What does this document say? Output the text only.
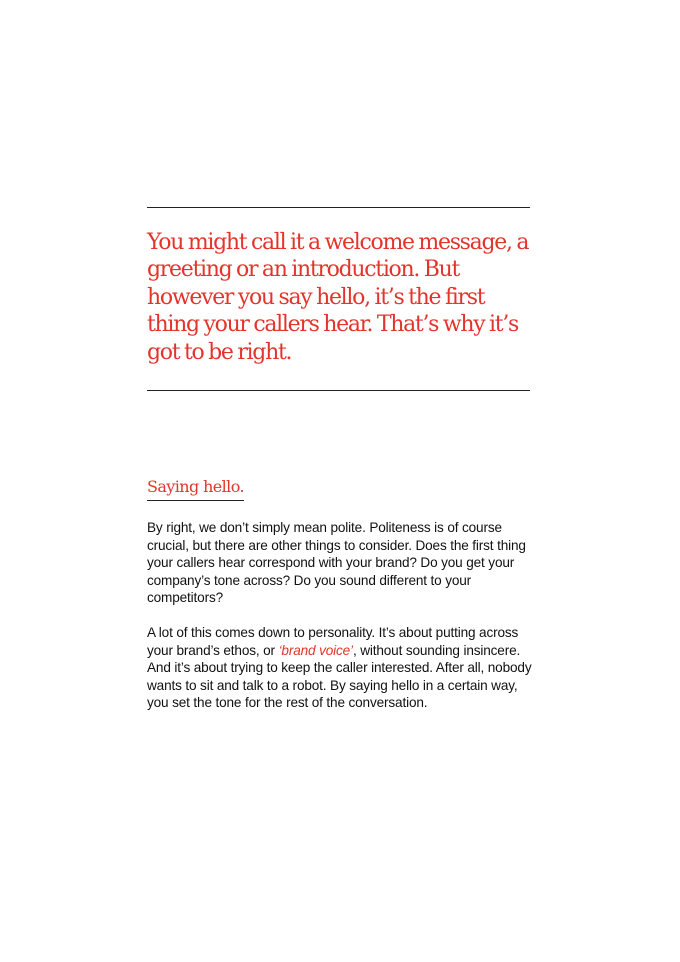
You might call it a welcome message, a greeting or an introduction. But however you say hello, it’s the first thing your callers hear. That’s why it’s got to be right.

Saying hello.

By right, we don’t simply mean polite. Politeness is of course crucial, but there are other things to consider. Does the first thing your callers hear correspond with your brand? Do you get your company’s tone across? Do you sound different to your competitors?

A lot of this comes down to personality. It’s about putting across your brand’s ethos, or ‘brand voice’, without sounding insincere. And it’s about trying to keep the caller interested. After all, nobody wants to sit and talk to a robot. By saying hello in a certain way, you set the tone for the rest of the conversation.
